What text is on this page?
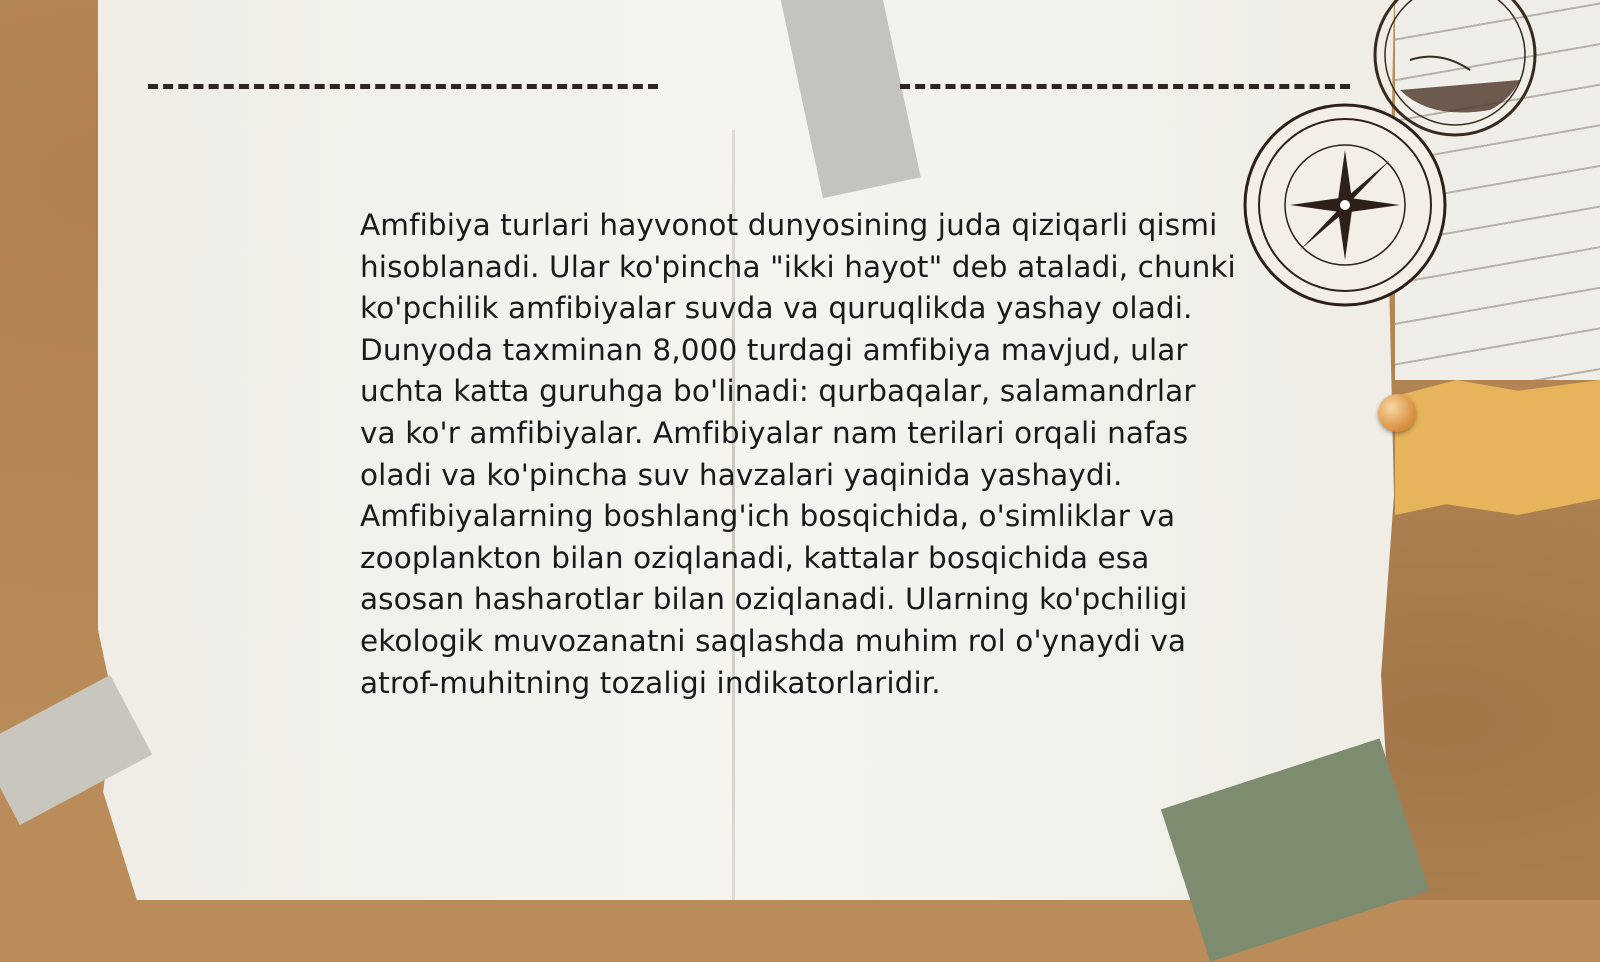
Amfibiya turlari hayvonot dunyosining juda qiziqarli qismi hisoblanadi. Ular ko'pincha "ikki hayot" deb ataladi, chunki ko'pchilik amfibiyalar suvda va quruqlikda yashay oladi. Dunyoda taxminan 8,000 turdagi amfibiya mavjud, ular uchta katta guruhga bo'linadi: qurbaqalar, salamandrlar va ko'r amfibiyalar. Amfibiyalar nam terilari orqali nafas oladi va ko'pincha suv havzalari yaqinida yashaydi. Amfibiyalarning boshlang'ich bosqichida, o'simliklar va zooplankton bilan oziqlanadi, kattalar bosqichida esa asosan hasharotlar bilan oziqlanadi. Ularning ko'pchiligi ekologik muvozanatni saqlashda muhim rol o'ynaydi va atrof-muhitning tozaligi indikatorlaridir.
